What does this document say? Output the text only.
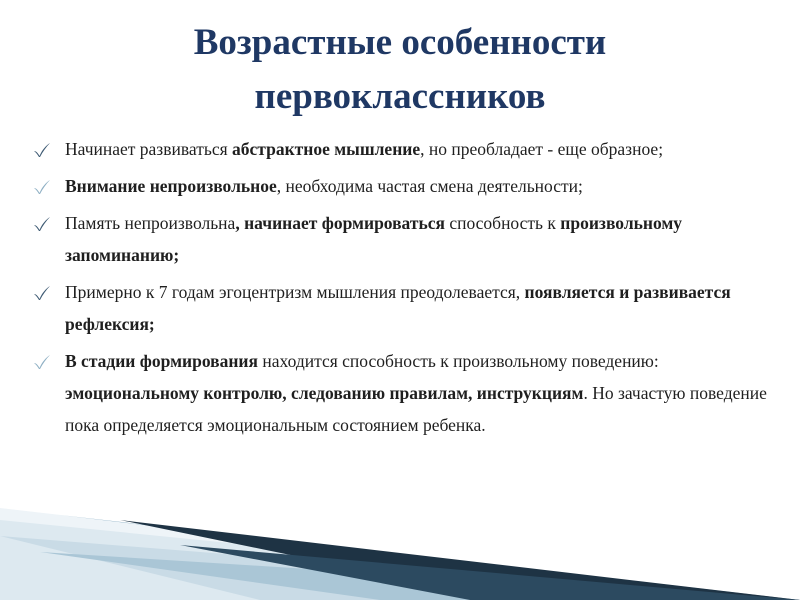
Возрастные особенности
первоклассников
Начинает развиваться абстрактное мышление, но преобладает - еще образное;
Внимание непроизвольное, необходима частая смена деятельности;
Память непроизвольна, начинает формироваться способность к произвольному запоминанию;
Примерно к 7 годам эгоцентризм мышления преодолевается, появляется и развивается рефлексия;
В стадии формирования находится способность к произвольному поведению: эмоциональному контролю, следованию правилам, инструкциям. Но зачастую поведение пока определяется эмоциональным состоянием ребенка.
